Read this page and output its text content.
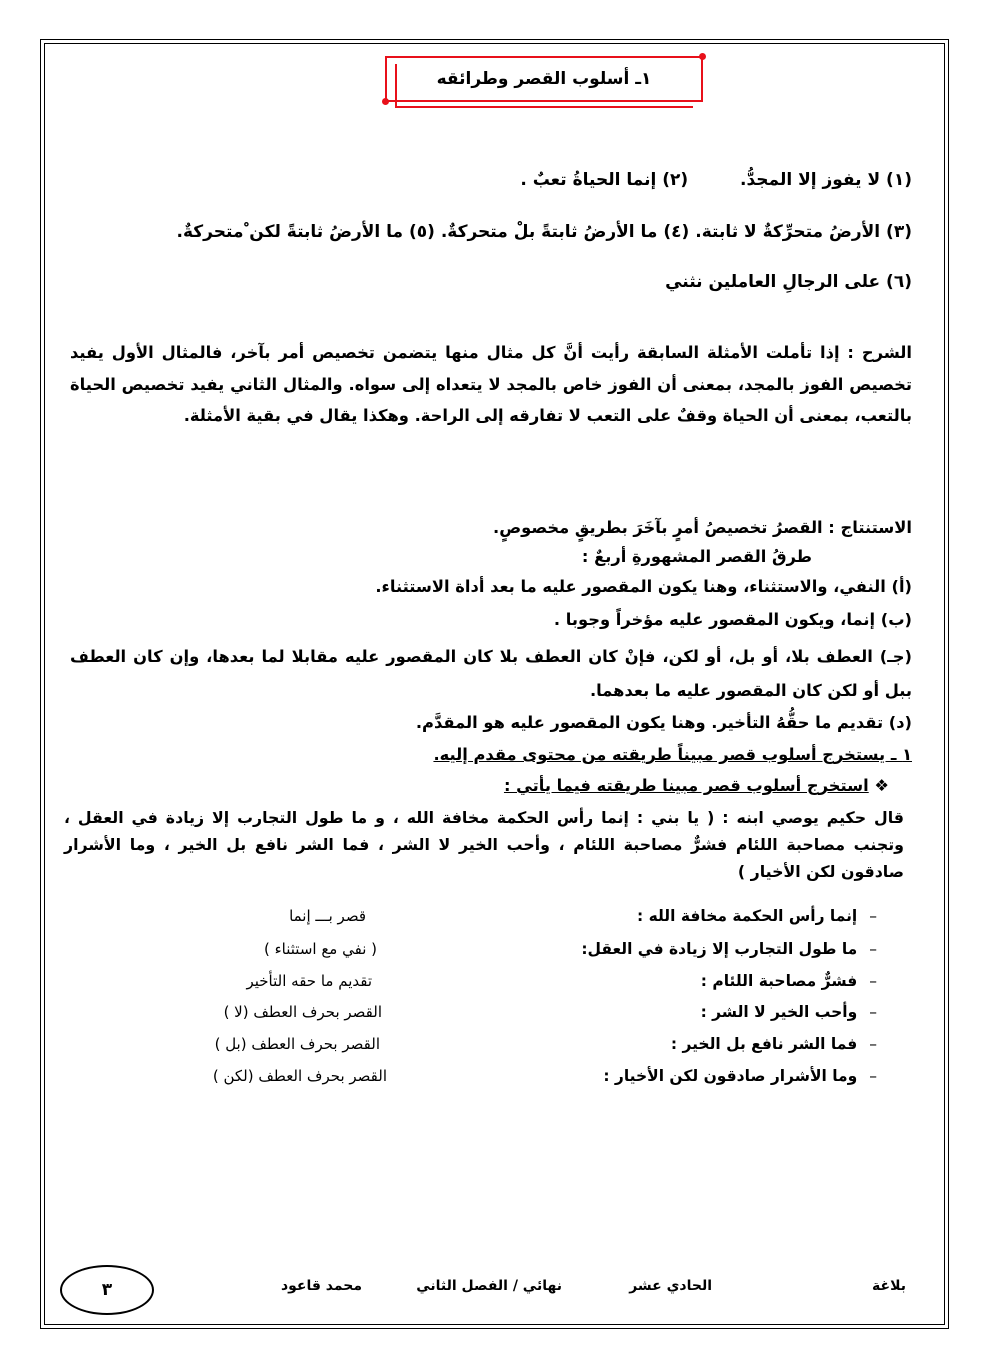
١ـ أسلوب القصر وطرائقه
(١) لا يفوز إلا المجدُّ.  (٢) إنما الحياةُ تعبٌ .
(٣) الأرضُ متحرِّكةٌ لا ثابتة. (٤) ما الأرضُ ثابتةً بلْ متحركةٌ. (٥) ما الأرضُ ثابتةً لكن ْمتحركةٌ.
(٦) على الرجالِ العاملين نثني
الشرح : إذا تأملت الأمثلة السابقة رأيت أنَّ كل مثال منها يتضمن تخصيص أمر بآخر، فالمثال الأول يفيد تخصيص الفوز بالمجد، بمعنى أن الفوز خاص بالمجد لا يتعداه إلى سواه. والمثال الثاني يفيد تخصيص الحياة بالتعب، بمعنى أن الحياة وقفٌ على التعب لا تفارقه إلى الراحة. وهكذا يقال في بقية الأمثلة.
الاستنتاج : القصرُ تخصيصُ أمرٍ بآخَرَ بطريقٍ مخصوصٍ.
طرقُ القصر المشهورةِ أربعٌ :
(أ) النفي، والاستثناء، وهنا يكون المقصور عليه ما بعد أداة الاستثناء.
(ب) إنما، ويكون المقصور عليه مؤخراً وجوبا .
(جـ) العطف بلا، أو بل، أو لكن، فإنْ كان العطف بلا كان المقصور عليه مقابلا لما بعدها، وإن كان العطف ببل أو لكن كان المقصور عليه ما بعدهما.
(د) تقديم ما حقُّهُ التأخير. وهنا يكون المقصور عليه هو المقدَّم.
١ ـ يستخرج أسلوب قصر مبيناً طريقته من محتوى مقدم إليه.
❖ استخرج أسلوب قصر مبينا طريقته فيما يأتي :
قال حكيم يوصي ابنه : ( يا بني : إنما رأس الحكمة مخافة الله ، و ما طول التجارب إلا زيادة في العقل ، وتجنب مصاحبة اللئام فشرٌّ مصاحبة اللئام ، وأحب الخير لا الشر ، فما الشر نافع بل الخير ، وما الأشرار صادقون لكن الأخيار )
–إنما رأس الحكمة مخافة الله :
قصر بـــ إنما
–ما طول التجارب إلا زيادة في العقل:
( نفي مع استثناء )
–فشرٌّ مصاحبة اللئام :
تقديم ما حقه التأخير
–وأحب الخير لا الشر :
القصر بحرف العطف (لا )
–فما الشر نافع بل الخير :
القصر بحرف العطف (بل )
–وما الأشرار صادقون لكن الأخيار :
القصر بحرف العطف (لكن )
بلاغة
الحادي عشر
نهائي / الفصل الثاني
محمد قاعود
٣
